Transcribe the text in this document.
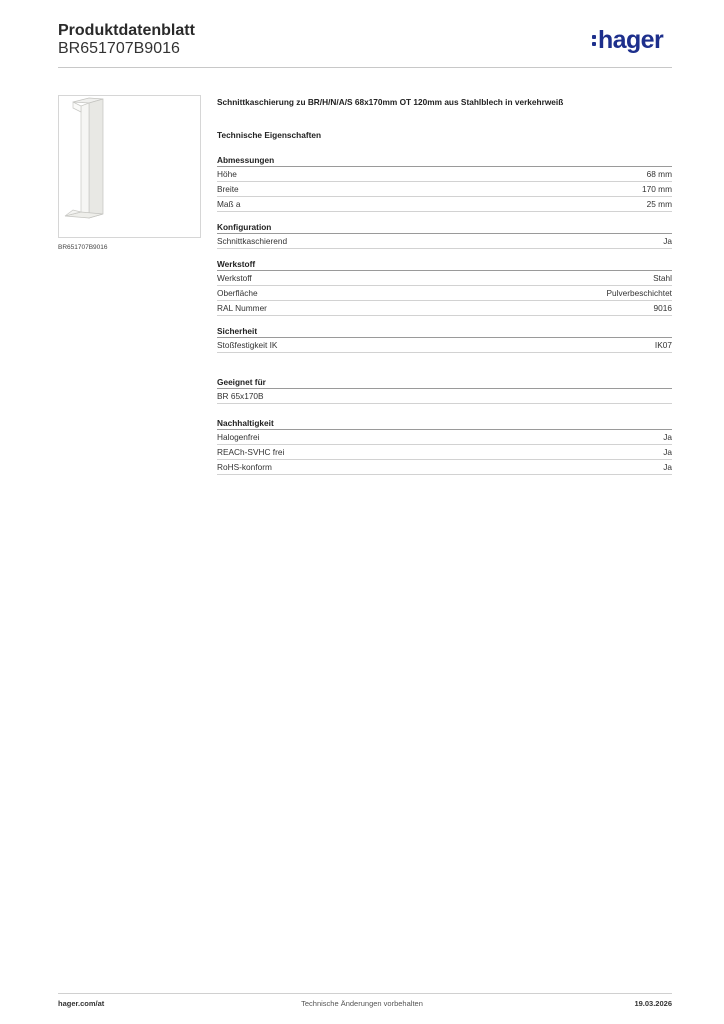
Produktdatenblatt
BR651707B9016	hager
BR651707B9016
Schnittkaschierung zu BR/H/N/A/S 68x170mm OT 120mm aus Stahlblech in verkehrweiß
Technische Eigenschaften
Abmessungen
Höhe	68 mm
Breite	170 mm
Maß a	25 mm
Konfiguration
Schnittkaschierend	Ja
Werkstoff
Werkstoff	Stahl
Oberfläche	Pulverbeschichtet
RAL Nummer	9016
Sicherheit
Stoßfestigkeit IK	IK07
Geeignet für
BR 65x170B
Nachhaltigkeit
Halogenfrei	Ja
REACh-SVHC frei	Ja
RoHS-konform	Ja
hager.com/at	Technische Änderungen vorbehalten	19.03.2026
